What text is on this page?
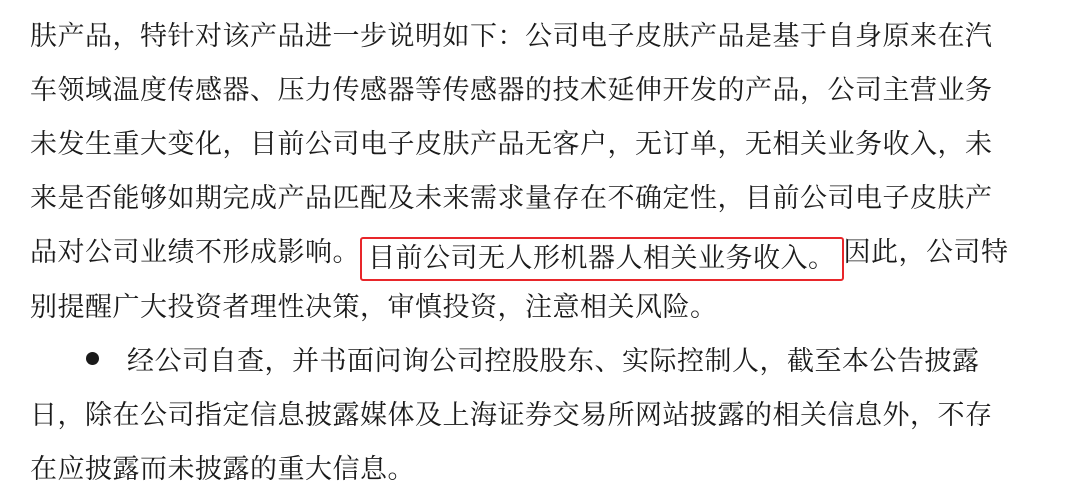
肤产品，特针对该产品进一步说明如下：公司电子皮肤产品是基于自身原来在汽
车领域温度传感器、压力传感器等传感器的技术延伸开发的产品，公司主营业务
未发生重大变化，目前公司电子皮肤产品无客户，无订单，无相关业务收入，未
来是否能够如期完成产品匹配及未来需求量存在不确定性，目前公司电子皮肤产
品对公司业绩不形成影响。 目前公司无人形机器人相关业务收入。 因此，公司特
别提醒广大投资者理性决策，审慎投资，注意相关风险。

经公司自查，并书面问询公司控股股东、实际控制人，截至本公告披露
日，除在公司指定信息披露媒体及上海证券交易所网站披露的相关信息外，不存
在应披露而未披露的重大信息。
